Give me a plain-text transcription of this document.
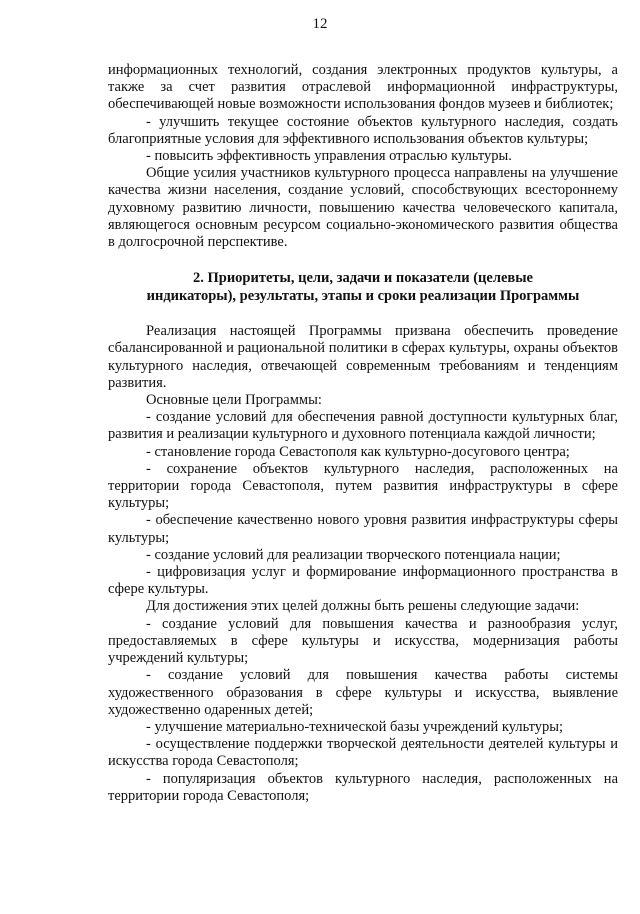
12

информационных технологий, создания электронных продуктов культуры, а также за счет развития отраслевой информационной инфраструктуры, обеспечивающей новые возможности использования фондов музеев и библиотек;

- улучшить текущее состояние объектов культурного наследия, создать благоприятные условия для эффективного использования объектов культуры;

- повысить эффективность управления отраслью культуры.

Общие усилия участников культурного процесса направлены на улучшение качества жизни населения, создание условий, способствующих всестороннему духовному развитию личности, повышению качества человеческого капитала, являющегося основным ресурсом социально-экономического развития общества в долгосрочной перспективе.

2. Приоритеты, цели, задачи и показатели (целевые
индикаторы), результаты, этапы и сроки реализации Программы

Реализация настоящей Программы призвана обеспечить проведение сбалансированной и рациональной политики в сферах культуры, охраны объектов культурного наследия, отвечающей современным требованиям и тенденциям развития.

Основные цели Программы:

- создание условий для обеспечения равной доступности культурных благ, развития и реализации культурного и духовного потенциала каждой личности;

- становление города Севастополя как культурно-досугового центра;

- сохранение объектов культурного наследия, расположенных на территории города Севастополя, путем развития инфраструктуры в сфере культуры;

- обеспечение качественно нового уровня развития инфраструктуры сферы культуры;

- создание условий для реализации творческого потенциала нации;

- цифровизация услуг и формирование информационного пространства в сфере культуры.

Для достижения этих целей должны быть решены следующие задачи:

- создание условий для повышения качества и разнообразия услуг, предоставляемых в сфере культуры и искусства, модернизация работы учреждений культуры;

- создание условий для повышения качества работы системы художественного образования в сфере культуры и искусства, выявление художественно одаренных детей;

- улучшение материально-технической базы учреждений культуры;

- осуществление поддержки творческой деятельности деятелей культуры и искусства города Севастополя;

- популяризация объектов культурного наследия, расположенных на территории города Севастополя;
